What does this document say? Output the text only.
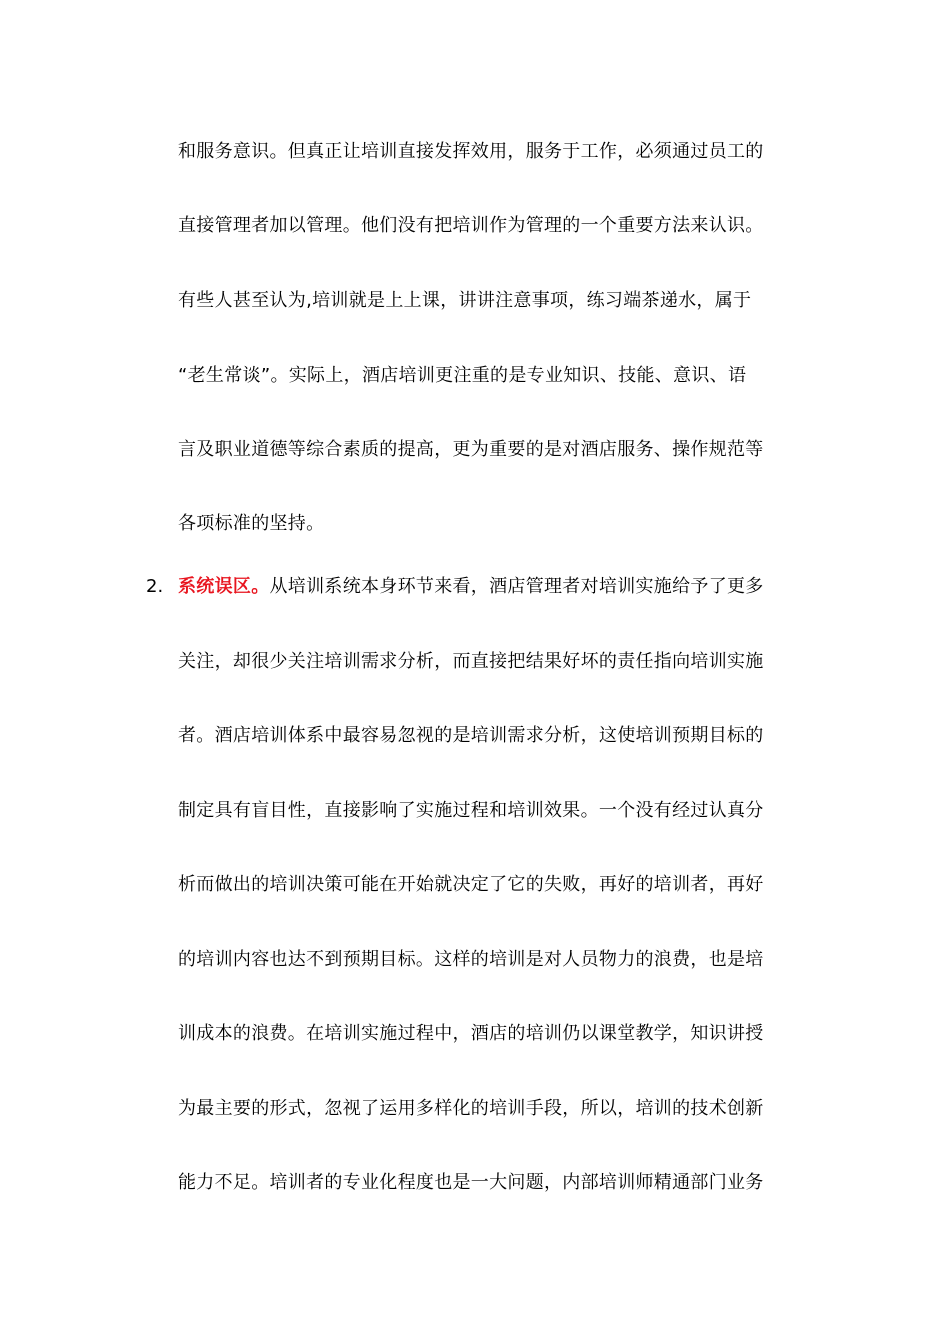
和服务意识。但真正让培训直接发挥效用，服务于工作，必须通过员工的
直接管理者加以管理。他们没有把培训作为管理的一个重要方法来认识。
有些人甚至认为,培训就是上上课，讲讲注意事项，练习端茶递水，属于
“老生常谈”。实际上，酒店培训更注重的是专业知识、技能、意识、语
言及职业道德等综合素质的提高，更为重要的是对酒店服务、操作规范等
各项标准的坚持。
2. 系统误区。从培训系统本身环节来看，酒店管理者对培训实施给予了更多
关注，却很少关注培训需求分析，而直接把结果好坏的责任指向培训实施
者。酒店培训体系中最容易忽视的是培训需求分析，这使培训预期目标的
制定具有盲目性，直接影响了实施过程和培训效果。一个没有经过认真分
析而做出的培训决策可能在开始就决定了它的失败，再好的培训者，再好
的培训内容也达不到预期目标。这样的培训是对人员物力的浪费，也是培
训成本的浪费。在培训实施过程中，酒店的培训仍以课堂教学，知识讲授
为最主要的形式，忽视了运用多样化的培训手段，所以，培训的技术创新
能力不足。培训者的专业化程度也是一大问题，内部培训师精通部门业务
